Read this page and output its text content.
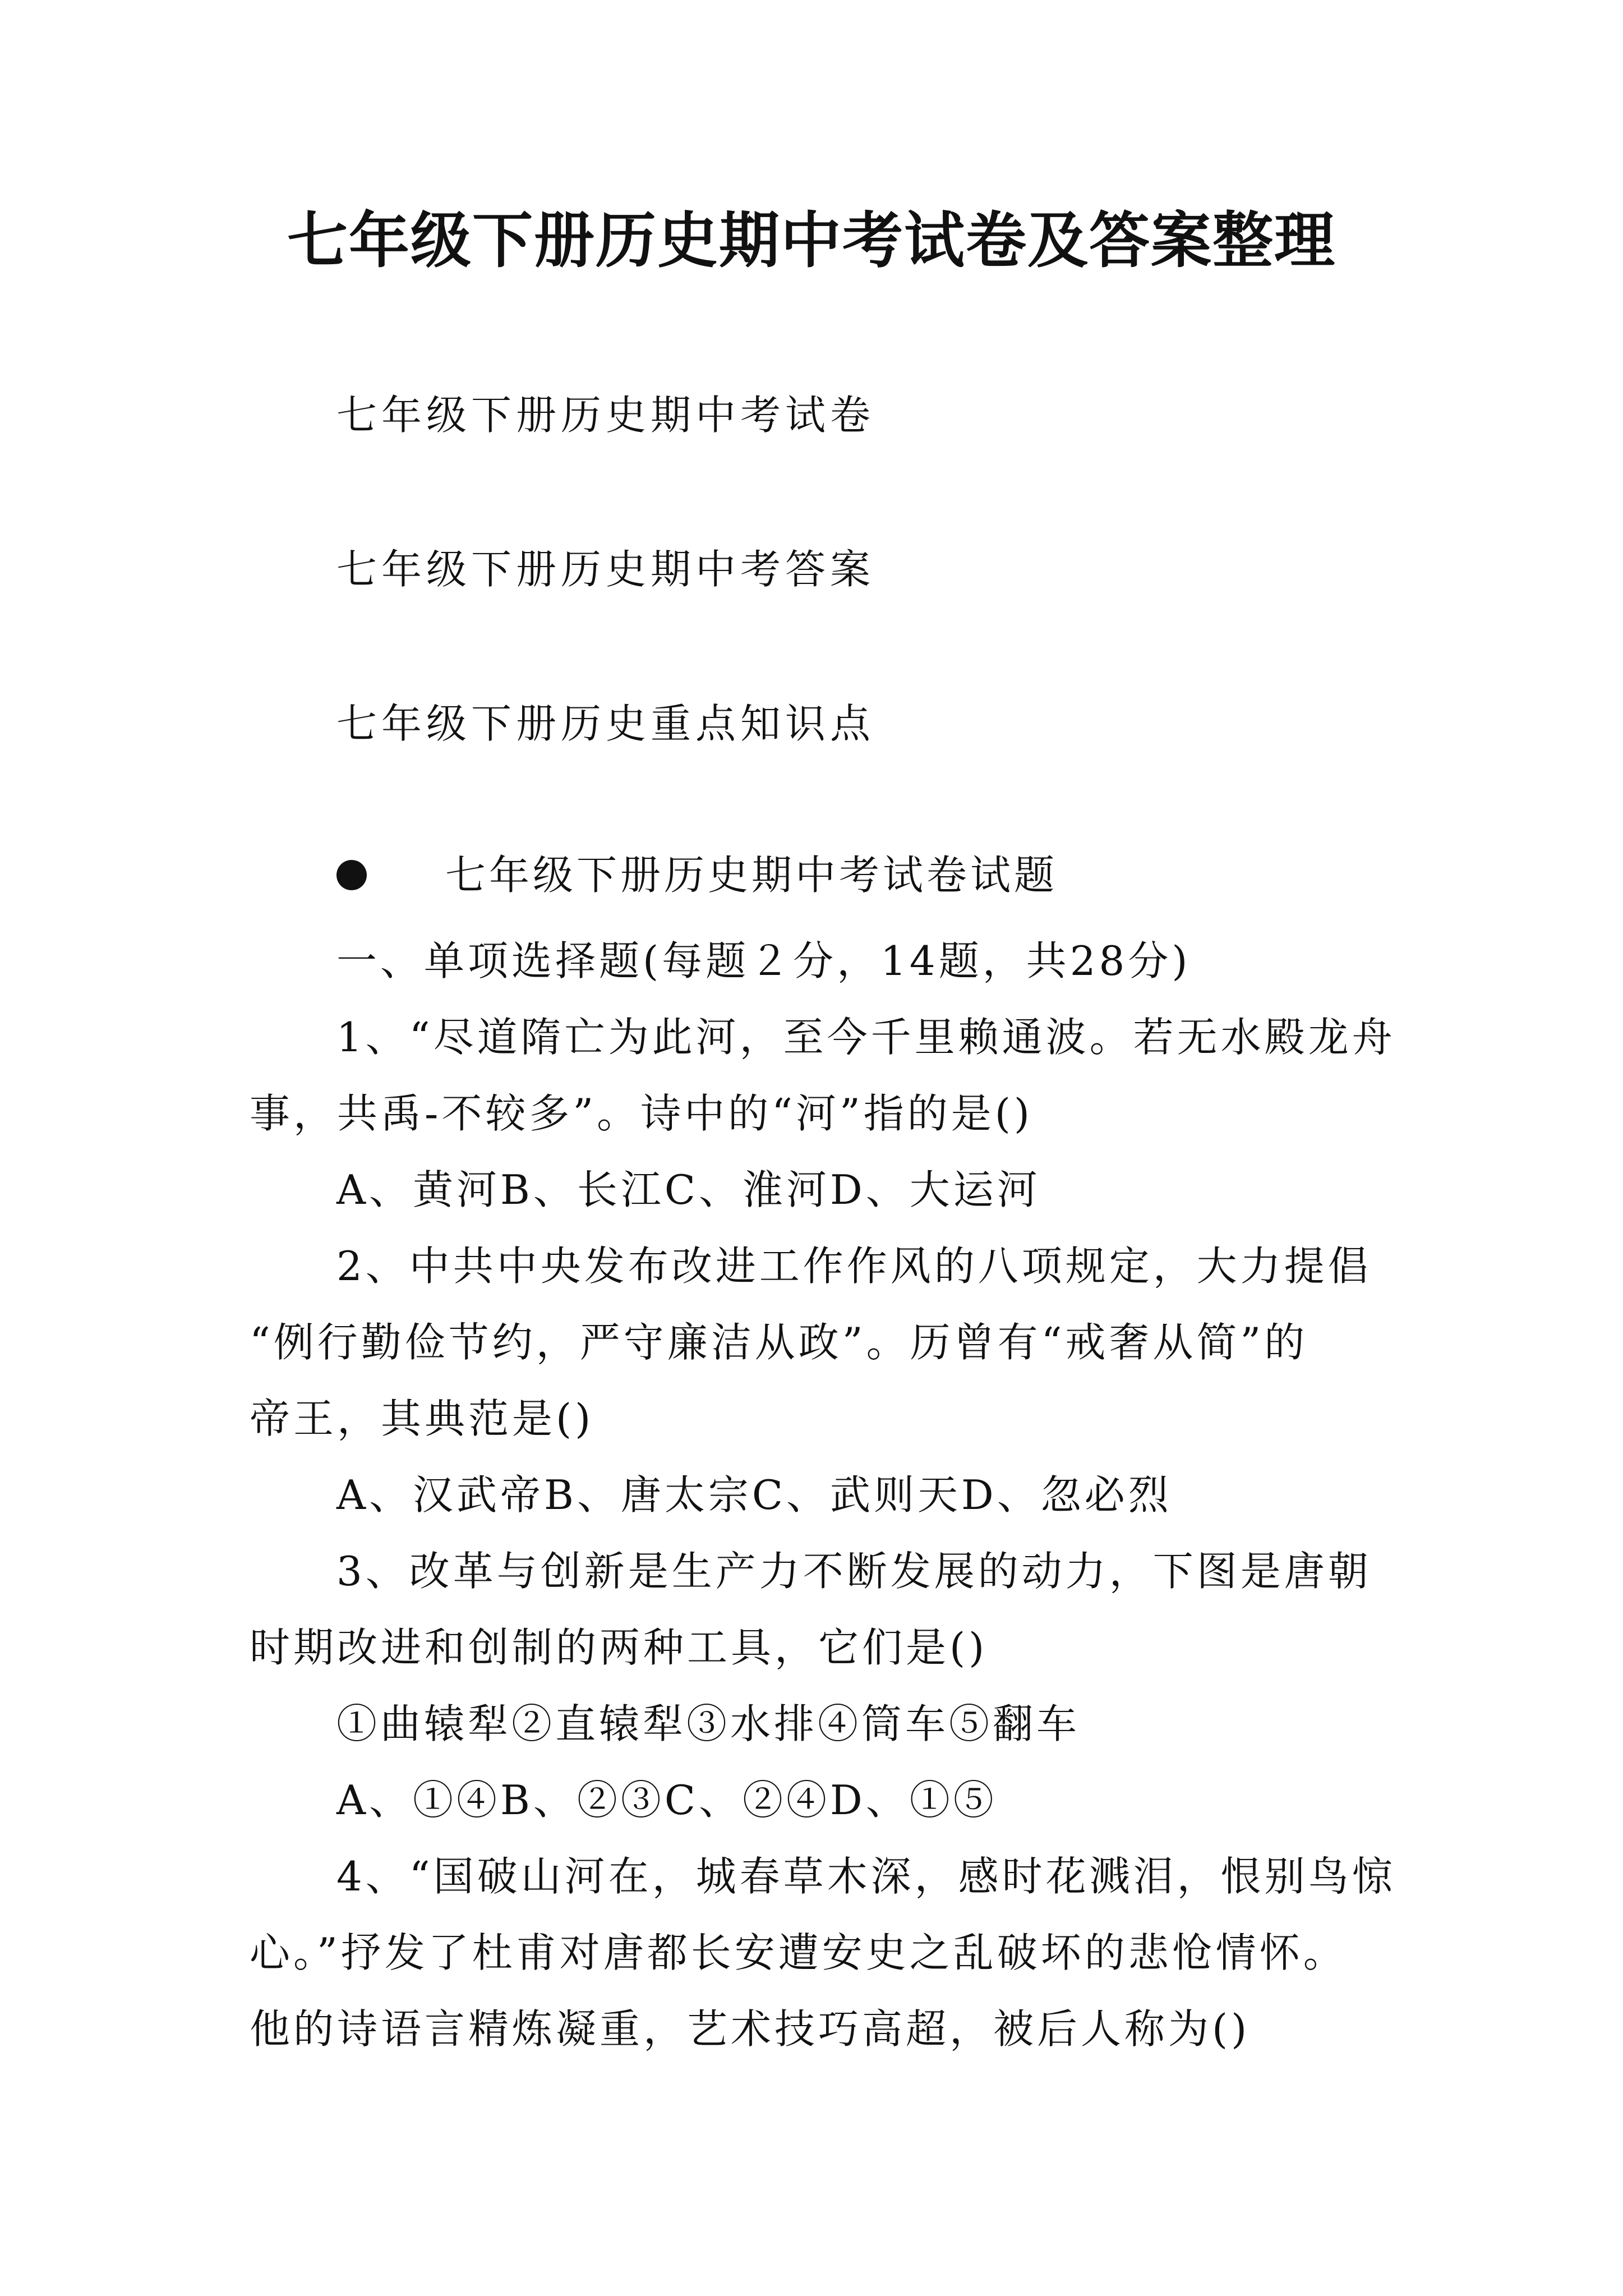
七年级下册历史期中考试卷及答案整理
七年级下册历史期中考试卷
七年级下册历史期中考答案
七年级下册历史重点知识点
七年级下册历史期中考试卷试题

一、单项选择题(每题２分，14题，共28分)

1、“尽道隋亡为此河，至今千里赖通波。若无水殿龙舟

事，共禹-不较多”。诗中的“河”指的是()

A、黄河B、长江C、淮河D、大运河

2、中共中央发布改进工作作风的八项规定，大力提倡

“例行勤俭节约，严守廉洁从政”。历曾有“戒奢从简”的

帝王，其典范是()

A、汉武帝B、唐太宗C、武则天D、忽必烈

3、改革与创新是生产力不断发展的动力，下图是唐朝

时期改进和创制的两种工具，它们是()

①曲辕犁②直辕犁③水排④筒车⑤翻车

A、①④B、②③C、②④D、①⑤

4、“国破山河在，城春草木深，感时花溅泪，恨别鸟惊

心。”抒发了杜甫对唐都长安遭安史之乱破坏的悲怆情怀。

他的诗语言精炼凝重，艺术技巧高超，被后人称为()
